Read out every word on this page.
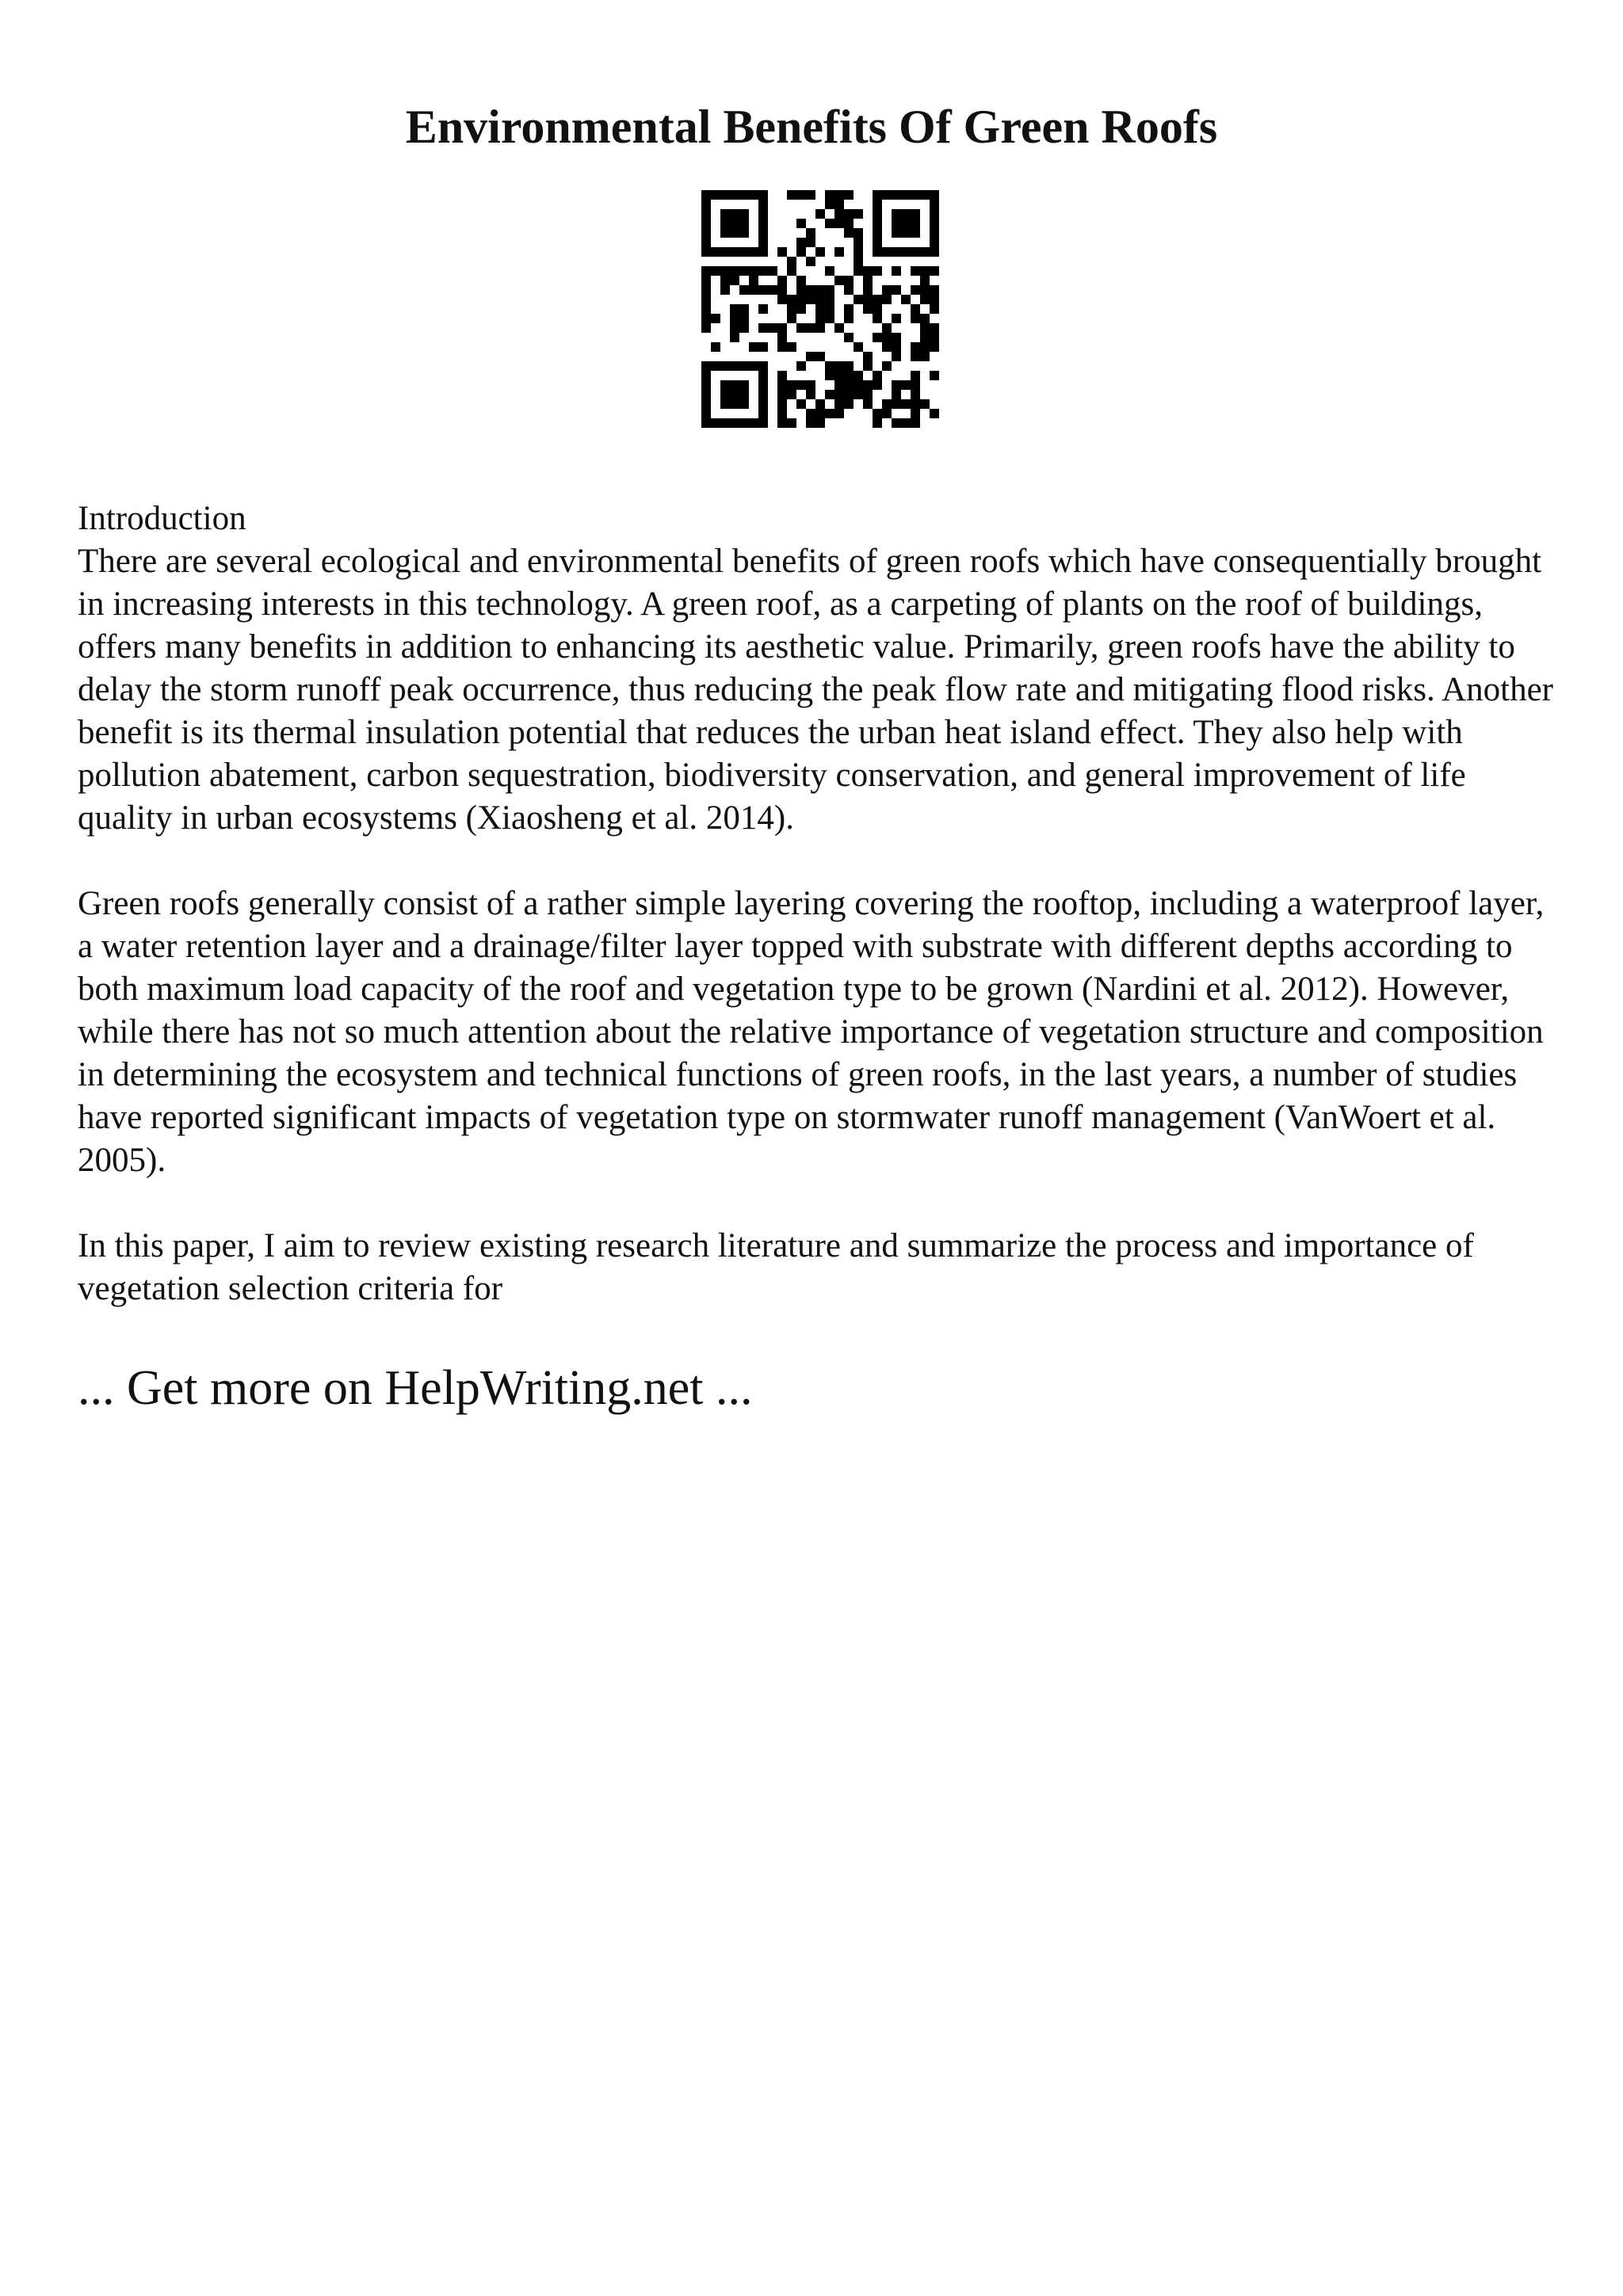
Environmental Benefits Of Green Roofs

Introduction

There are several ecological and environmental benefits of green roofs which have consequentially brought in increasing interests in this technology. A green roof, as a carpeting of plants on the roof of buildings, offers many benefits in addition to enhancing its aesthetic value. Primarily, green roofs have the ability to delay the storm runoff peak occurrence, thus reducing the peak flow rate and mitigating flood risks. Another benefit is its thermal insulation potential that reduces the urban heat island effect. They also help with pollution abatement, carbon sequestration, biodiversity conservation, and general improvement of life quality in urban ecosystems (Xiaosheng et al. 2014).

Green roofs generally consist of a rather simple layering covering the rooftop, including a waterproof layer, a water retention layer and a drainage/filter layer topped with substrate with different depths according to both maximum load capacity of the roof and vegetation type to be grown (Nardini et al. 2012). However, while there has not so much attention about the relative importance of vegetation structure and composition in determining the ecosystem and technical functions of green roofs, in the last years, a number of studies have reported significant impacts of vegetation type on stormwater runoff management (VanWoert et al. 2005).

In this paper, I aim to review existing research literature and summarize the process and importance of vegetation selection criteria for

... Get more on HelpWriting.net ...
